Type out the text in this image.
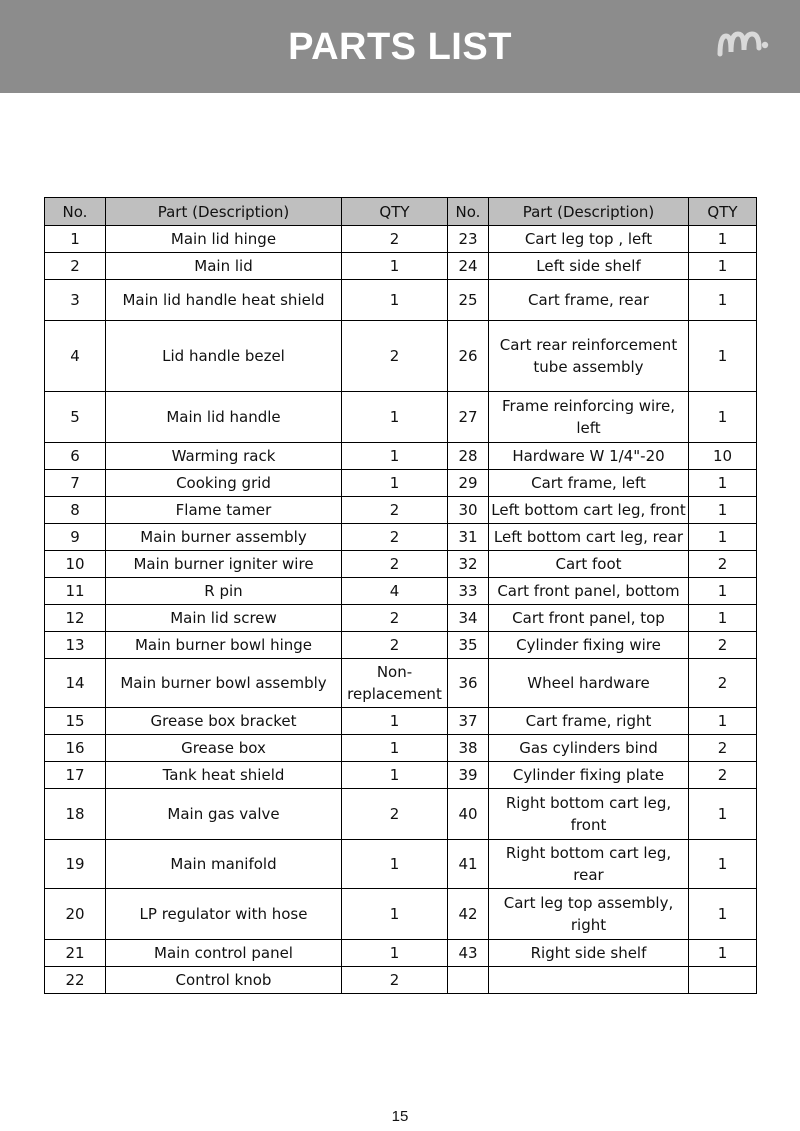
PARTS LIST
No.	Part (Description)	QTY	No.	Part (Description)	QTY
1	Main lid hinge	2	23	Cart leg top , left	1
2	Main lid	1	24	Left side shelf	1
3	Main lid handle heat shield	1	25	Cart frame, rear	1
4	Lid handle bezel	2	26	Cart rear reinforcement tube assembly	1
5	Main lid handle	1	27	Frame reinforcing wire, left	1
6	Warming rack	1	28	Hardware W 1/4"-20	10
7	Cooking grid	1	29	Cart frame, left	1
8	Flame tamer	2	30	Left bottom cart leg, front	1
9	Main burner assembly	2	31	Left bottom cart leg, rear	1
10	Main burner igniter wire	2	32	Cart foot	2
11	R pin	4	33	Cart front panel, bottom	1
12	Main lid screw	2	34	Cart front panel, top	1
13	Main burner bowl hinge	2	35	Cylinder fixing wire	2
14	Main burner bowl assembly	Non-replacement	36	Wheel hardware	2
15	Grease box bracket	1	37	Cart frame, right	1
16	Grease box	1	38	Gas cylinders bind	2
17	Tank heat shield	1	39	Cylinder fixing plate	2
18	Main gas valve	2	40	Right bottom cart leg, front	1
19	Main manifold	1	41	Right bottom cart leg, rear	1
20	LP regulator with hose	1	42	Cart leg top assembly, right	1
21	Main control panel	1	43	Right side shelf	1
22	Control knob	2			
15
